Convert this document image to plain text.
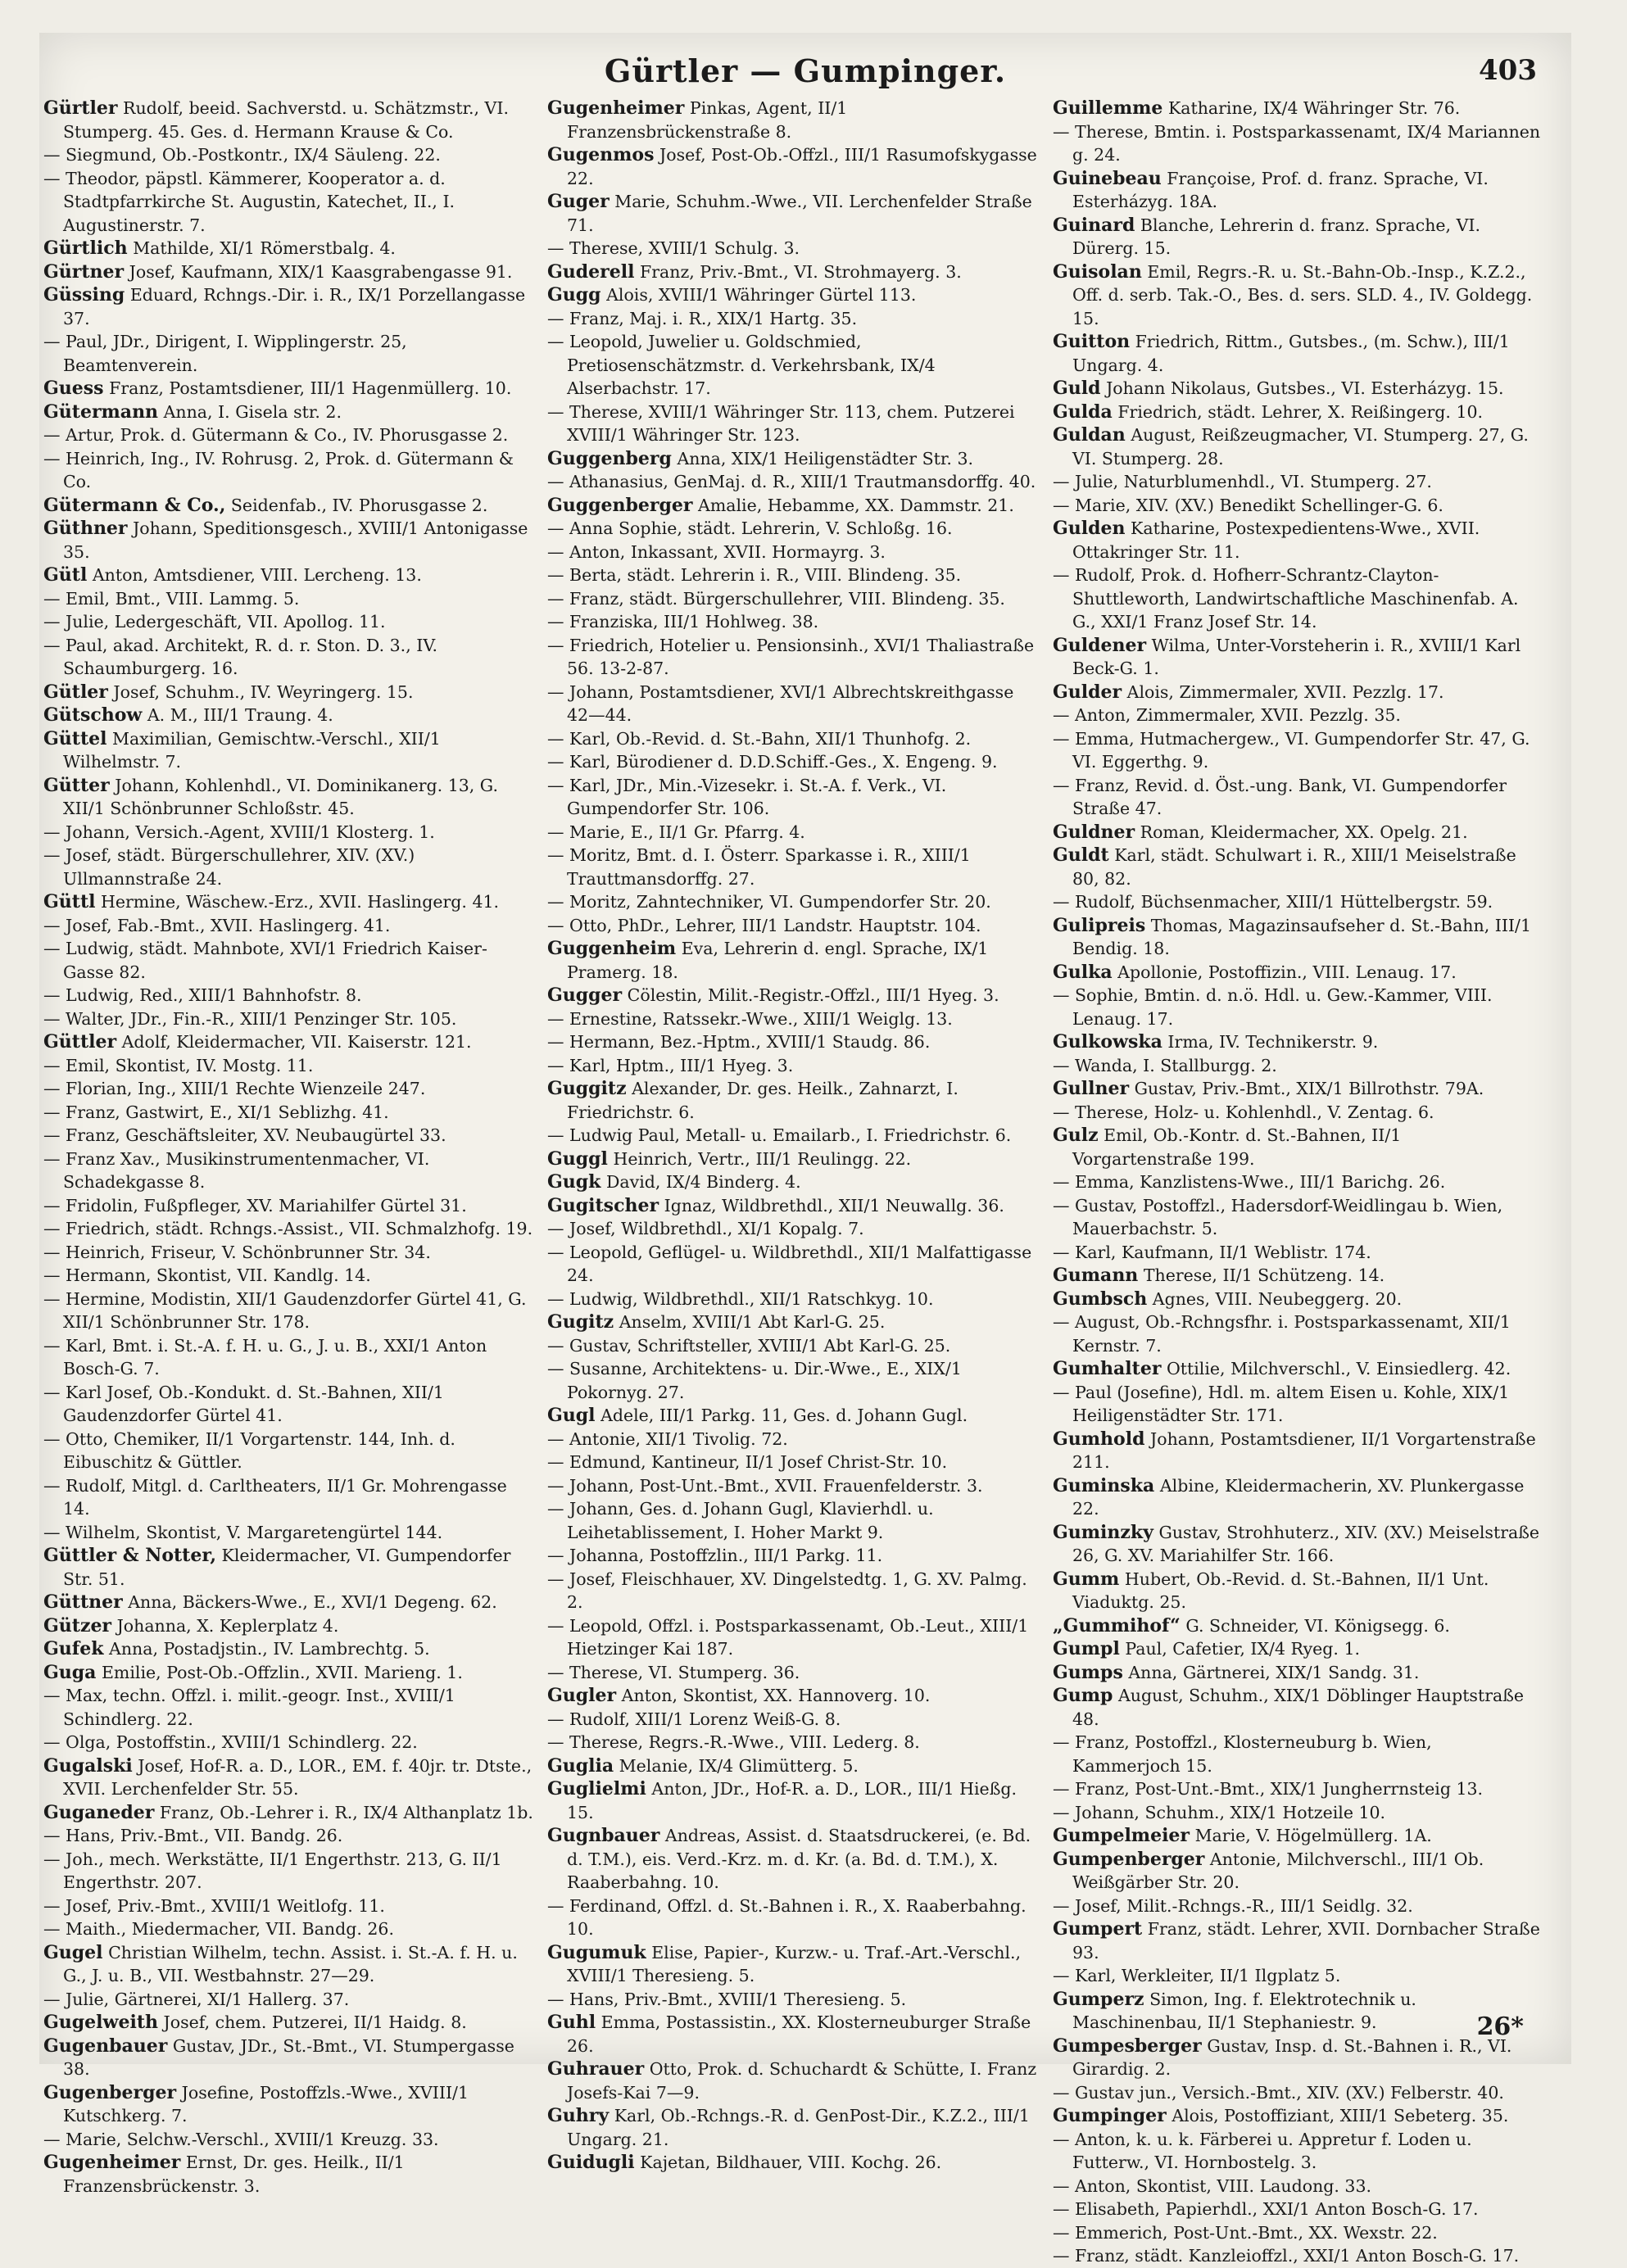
Gürtler — Gumpinger.	403

Gürtler Rudolf, beeid. Sachverstd. u. Schätzmstr., VI. Stumperg. 45. Ges. d. Hermann Krause & Co.

— Siegmund, Ob.-Postkontr., IX/4 Säuleng. 22.

— Theodor, päpstl. Kämmerer, Kooperator a. d. Stadtpfarrkirche St. Augustin, Katechet, II., I. Augustinerstr. 7.

Gürtlich Mathilde, XI/1 Römerstbalg. 4.

Gürtner Josef, Kaufmann, XIX/1 Kaasgrabengasse 91.

Güssing Eduard, Rchngs.-Dir. i. R., IX/1 Porzellangasse 37.

— Paul, JDr., Dirigent, I. Wipplingerstr. 25, Beamtenverein.

Guess Franz, Postamtsdiener, III/1 Hagenmüllerg. 10.

Gütermann Anna, I. Gisela str. 2.

— Artur, Prok. d. Gütermann & Co., IV. Phorusgasse 2.

— Heinrich, Ing., IV. Rohrusg. 2, Prok. d. Gütermann & Co.

Gütermann & Co., Seidenfab., IV. Phorusgasse 2.

Güthner Johann, Speditionsgesch., XVIII/1 Antonigasse 35.

Gütl Anton, Amtsdiener, VIII. Lercheng. 13.

— Emil, Bmt., VIII. Lammg. 5.

— Julie, Ledergeschäft, VII. Apollog. 11.

— Paul, akad. Architekt, R. d. r. Ston. D. 3., IV. Schaumburgerg. 16.

Gütler Josef, Schuhm., IV. Weyringerg. 15.

Gütschow A. M., III/1 Traung. 4.

Güttel Maximilian, Gemischtw.-Verschl., XII/1 Wilhelmstr. 7.

Gütter Johann, Kohlenhdl., VI. Dominikanerg. 13, G. XII/1 Schönbrunner Schloßstr. 45.

— Johann, Versich.-Agent, XVIII/1 Klosterg. 1.

— Josef, städt. Bürgerschullehrer, XIV. (XV.) Ullmannstraße 24.

Güttl Hermine, Wäschew.-Erz., XVII. Haslingerg. 41.

— Josef, Fab.-Bmt., XVII. Haslingerg. 41.

— Ludwig, städt. Mahnbote, XVI/1 Friedrich Kaiser-Gasse 82.

— Ludwig, Red., XIII/1 Bahnhofstr. 8.

— Walter, JDr., Fin.-R., XIII/1 Penzinger Str. 105.

Güttler Adolf, Kleidermacher, VII. Kaiserstr. 121.

— Emil, Skontist, IV. Mostg. 11.

— Florian, Ing., XIII/1 Rechte Wienzeile 247.

— Franz, Gastwirt, E., XI/1 Seblizhg. 41.

— Franz, Geschäftsleiter, XV. Neubaugürtel 33.

— Franz Xav., Musikinstrumentenmacher, VI. Schadekgasse 8.

— Fridolin, Fußpfleger, XV. Mariahilfer Gürtel 31.

— Friedrich, städt. Rchngs.-Assist., VII. Schmalzhofg. 19.

— Heinrich, Friseur, V. Schönbrunner Str. 34.

— Hermann, Skontist, VII. Kandlg. 14.

— Hermine, Modistin, XII/1 Gaudenzdorfer Gürtel 41, G. XII/1 Schönbrunner Str. 178.

— Karl, Bmt. i. St.-A. f. H. u. G., J. u. B., XXI/1 Anton Bosch-G. 7.

— Karl Josef, Ob.-Kondukt. d. St.-Bahnen, XII/1 Gaudenzdorfer Gürtel 41.

— Otto, Chemiker, II/1 Vorgartenstr. 144, Inh. d. Eibuschitz & Güttler.

— Rudolf, Mitgl. d. Carltheaters, II/1 Gr. Mohrengasse 14.

— Wilhelm, Skontist, V. Margaretengürtel 144.

Güttler & Notter, Kleidermacher, VI. Gumpendorfer Str. 51.

Güttner Anna, Bäckers-Wwe., E., XVI/1 Degeng. 62.

Gützer Johanna, X. Keplerplatz 4.

Gufek Anna, Postadjstin., IV. Lambrechtg. 5.

Guga Emilie, Post-Ob.-Offzlin., XVII. Marieng. 1.

— Max, techn. Offzl. i. milit.-geogr. Inst., XVIII/1 Schindlerg. 22.

— Olga, Postoffstin., XVIII/1 Schindlerg. 22.

Gugalski Josef, Hof-R. a. D., LOR., EM. f. 40jr. tr. Dtste., XVII. Lerchenfelder Str. 55.

Guganeder Franz, Ob.-Lehrer i. R., IX/4 Althanplatz 1b.

— Hans, Priv.-Bmt., VII. Bandg. 26.

— Joh., mech. Werkstätte, II/1 Engerthstr. 213, G. II/1 Engerthstr. 207.

— Josef, Priv.-Bmt., XVIII/1 Weitlofg. 11.

— Maith., Miedermacher, VII. Bandg. 26.

Gugel Christian Wilhelm, techn. Assist. i. St.-A. f. H. u. G., J. u. B., VII. Westbahnstr. 27—29.

— Julie, Gärtnerei, XI/1 Hallerg. 37.

Gugelweith Josef, chem. Putzerei, II/1 Haidg. 8.

Gugenbauer Gustav, JDr., St.-Bmt., VI. Stumpergasse 38.

Gugenberger Josefine, Postoffzls.-Wwe., XVIII/1 Kutschkerg. 7.

— Marie, Selchw.-Verschl., XVIII/1 Kreuzg. 33.

Gugenheimer Ernst, Dr. ges. Heilk., II/1 Franzensbrückenstr. 3.

Gugenheimer Pinkas, Agent, II/1 Franzensbrückenstraße 8.

Gugenmos Josef, Post-Ob.-Offzl., III/1 Rasumofskygasse 22.

Guger Marie, Schuhm.-Wwe., VII. Lerchenfelder Straße 71.

— Therese, XVIII/1 Schulg. 3.

Guderell Franz, Priv.-Bmt., VI. Strohmayerg. 3.

Gugg Alois, XVIII/1 Währinger Gürtel 113.

— Franz, Maj. i. R., XIX/1 Hartg. 35.

— Leopold, Juwelier u. Goldschmied, Pretiosenschätzmstr. d. Verkehrsbank, IX/4 Alserbachstr. 17.

— Therese, XVIII/1 Währinger Str. 113, chem. Putzerei XVIII/1 Währinger Str. 123.

Guggenberg Anna, XIX/1 Heiligenstädter Str. 3.

— Athanasius, GenMaj. d. R., XIII/1 Trautmansdorffg. 40.

Guggenberger Amalie, Hebamme, XX. Dammstr. 21.

— Anna Sophie, städt. Lehrerin, V. Schloßg. 16.

— Anton, Inkassant, XVII. Hormayrg. 3.

— Berta, städt. Lehrerin i. R., VIII. Blindeng. 35.

— Franz, städt. Bürgerschullehrer, VIII. Blindeng. 35.

— Franziska, III/1 Hohlweg. 38.

— Friedrich, Hotelier u. Pensionsinh., XVI/1 Thaliastraße 56. 13-2-87.

— Johann, Postamtsdiener, XVI/1 Albrechtskreithgasse 42—44.

— Karl, Ob.-Revid. d. St.-Bahn, XII/1 Thunhofg. 2.

— Karl, Bürodiener d. D.D.Schiff.-Ges., X. Engeng. 9.

— Karl, JDr., Min.-Vizesekr. i. St.-A. f. Verk., VI. Gumpendorfer Str. 106.

— Marie, E., II/1 Gr. Pfarrg. 4.

— Moritz, Bmt. d. I. Österr. Sparkasse i. R., XIII/1 Trauttmansdorffg. 27.

— Moritz, Zahntechniker, VI. Gumpendorfer Str. 20.

— Otto, PhDr., Lehrer, III/1 Landstr. Hauptstr. 104.

Guggenheim Eva, Lehrerin d. engl. Sprache, IX/1 Pramerg. 18.

Gugger Cölestin, Milit.-Registr.-Offzl., III/1 Hyeg. 3.

— Ernestine, Ratssekr.-Wwe., XIII/1 Weiglg. 13.

— Hermann, Bez.-Hptm., XVIII/1 Staudg. 86.

— Karl, Hptm., III/1 Hyeg. 3.

Guggitz Alexander, Dr. ges. Heilk., Zahnarzt, I. Friedrichstr. 6.

— Ludwig Paul, Metall- u. Emailarb., I. Friedrichstr. 6.

Guggl Heinrich, Vertr., III/1 Reulingg. 22.

Gugk David, IX/4 Binderg. 4.

Gugitscher Ignaz, Wildbrethdl., XII/1 Neuwallg. 36.

— Josef, Wildbrethdl., XI/1 Kopalg. 7.

— Leopold, Geflügel- u. Wildbrethdl., XII/1 Malfattigasse 24.

— Ludwig, Wildbrethdl., XII/1 Ratschkyg. 10.

Gugitz Anselm, XVIII/1 Abt Karl-G. 25.

— Gustav, Schriftsteller, XVIII/1 Abt Karl-G. 25.

— Susanne, Architektens- u. Dir.-Wwe., E., XIX/1 Pokornyg. 27.

Gugl Adele, III/1 Parkg. 11, Ges. d. Johann Gugl.

— Antonie, XII/1 Tivolig. 72.

— Edmund, Kantineur, II/1 Josef Christ-Str. 10.

— Johann, Post-Unt.-Bmt., XVII. Frauenfelderstr. 3.

— Johann, Ges. d. Johann Gugl, Klavierhdl. u. Leihetablissement, I. Hoher Markt 9.

— Johanna, Postoffzlin., III/1 Parkg. 11.

— Josef, Fleischhauer, XV. Dingelstedtg. 1, G. XV. Palmg. 2.

— Leopold, Offzl. i. Postsparkassenamt, Ob.-Leut., XIII/1 Hietzinger Kai 187.

— Therese, VI. Stumperg. 36.

Gugler Anton, Skontist, XX. Hannoverg. 10.

— Rudolf, XIII/1 Lorenz Weiß-G. 8.

— Therese, Regrs.-R.-Wwe., VIII. Lederg. 8.

Guglia Melanie, IX/4 Glimütterg. 5.

Guglielmi Anton, JDr., Hof-R. a. D., LOR., III/1 Hießg. 15.

Gugnbauer Andreas, Assist. d. Staatsdruckerei, (e. Bd. d. T.M.), eis. Verd.-Krz. m. d. Kr. (a. Bd. d. T.M.), X. Raaberbahng. 10.

— Ferdinand, Offzl. d. St.-Bahnen i. R., X. Raaberbahng. 10.

Gugumuk Elise, Papier-, Kurzw.- u. Traf.-Art.-Verschl., XVIII/1 Theresieng. 5.

— Hans, Priv.-Bmt., XVIII/1 Theresieng. 5.

Guhl Emma, Postassistin., XX. Klosterneuburger Straße 26.

Guhrauer Otto, Prok. d. Schuchardt & Schütte, I. Franz Josefs-Kai 7—9.

Guhry Karl, Ob.-Rchngs.-R. d. GenPost-Dir., K.Z.2., III/1 Ungarg. 21.

Guidugli Kajetan, Bildhauer, VIII. Kochg. 26.

Guillemme Katharine, IX/4 Währinger Str. 76.

— Therese, Bmtin. i. Postsparkassenamt, IX/4 Mariannen g. 24.

Guinebeau Françoise, Prof. d. franz. Sprache, VI. Esterházyg. 18A.

Guinard Blanche, Lehrerin d. franz. Sprache, VI. Dürerg. 15.

Guisolan Emil, Regrs.-R. u. St.-Bahn-Ob.-Insp., K.Z.2., Off. d. serb. Tak.-O., Bes. d. sers. SLD. 4., IV. Goldegg. 15.

Guitton Friedrich, Rittm., Gutsbes., (m. Schw.), III/1 Ungarg. 4.

Guld Johann Nikolaus, Gutsbes., VI. Esterházyg. 15.

Gulda Friedrich, städt. Lehrer, X. Reißingerg. 10.

Guldan August, Reißzeugmacher, VI. Stumperg. 27, G. VI. Stumperg. 28.

— Julie, Naturblumenhdl., VI. Stumperg. 27.

— Marie, XIV. (XV.) Benedikt Schellinger-G. 6.

Gulden Katharine, Postexpedientens-Wwe., XVII. Ottakringer Str. 11.

— Rudolf, Prok. d. Hofherr-Schrantz-Clayton-Shuttleworth, Landwirtschaftliche Maschinenfab. A. G., XXI/1 Franz Josef Str. 14.

Guldener Wilma, Unter-Vorsteherin i. R., XVIII/1 Karl Beck-G. 1.

Gulder Alois, Zimmermaler, XVII. Pezzlg. 17.

— Anton, Zimmermaler, XVII. Pezzlg. 35.

— Emma, Hutmachergew., VI. Gumpendorfer Str. 47, G. VI. Eggerthg. 9.

— Franz, Revid. d. Öst.-ung. Bank, VI. Gumpendorfer Straße 47.

Guldner Roman, Kleidermacher, XX. Opelg. 21.

Guldt Karl, städt. Schulwart i. R., XIII/1 Meiselstraße 80, 82.

— Rudolf, Büchsenmacher, XIII/1 Hüttelbergstr. 59.

Gulipreis Thomas, Magazinsaufseher d. St.-Bahn, III/1 Bendig. 18.

Gulka Apollonie, Postoffizin., VIII. Lenaug. 17.

— Sophie, Bmtin. d. n.ö. Hdl. u. Gew.-Kammer, VIII. Lenaug. 17.

Gulkowska Irma, IV. Technikerstr. 9.

— Wanda, I. Stallburgg. 2.

Gullner Gustav, Priv.-Bmt., XIX/1 Billrothstr. 79A.

— Therese, Holz- u. Kohlenhdl., V. Zentag. 6.

Gulz Emil, Ob.-Kontr. d. St.-Bahnen, II/1 Vorgartenstraße 199.

— Emma, Kanzlistens-Wwe., III/1 Barichg. 26.

— Gustav, Postoffzl., Hadersdorf-Weidlingau b. Wien, Mauerbachstr. 5.

— Karl, Kaufmann, II/1 Weblistr. 174.

Gumann Therese, II/1 Schützeng. 14.

Gumbsch Agnes, VIII. Neubeggerg. 20.

— August, Ob.-Rchngsfhr. i. Postsparkassenamt, XII/1 Kernstr. 7.

Gumhalter Ottilie, Milchverschl., V. Einsiedlerg. 42.

— Paul (Josefine), Hdl. m. altem Eisen u. Kohle, XIX/1 Heiligenstädter Str. 171.

Gumhold Johann, Postamtsdiener, II/1 Vorgartenstraße 211.

Guminska Albine, Kleidermacherin, XV. Plunkergasse 22.

Guminzky Gustav, Strohhuterz., XIV. (XV.) Meiselstraße 26, G. XV. Mariahilfer Str. 166.

Gumm Hubert, Ob.-Revid. d. St.-Bahnen, II/1 Unt. Viaduktg. 25.

„Gummihof“ G. Schneider, VI. Königsegg. 6.

Gumpl Paul, Cafetier, IX/4 Ryeg. 1.

Gumps Anna, Gärtnerei, XIX/1 Sandg. 31.

Gump August, Schuhm., XIX/1 Döblinger Hauptstraße 48.

— Franz, Postoffzl., Klosterneuburg b. Wien, Kammerjoch 15.

— Franz, Post-Unt.-Bmt., XIX/1 Jungherrnsteig 13.

— Johann, Schuhm., XIX/1 Hotzeile 10.

Gumpelmeier Marie, V. Högelmüllerg. 1A.

Gumpenberger Antonie, Milchverschl., III/1 Ob. Weißgärber Str. 20.

— Josef, Milit.-Rchngs.-R., III/1 Seidlg. 32.

Gumpert Franz, städt. Lehrer, XVII. Dornbacher Straße 93.

— Karl, Werkleiter, II/1 Ilgplatz 5.

Gumperz Simon, Ing. f. Elektrotechnik u. Maschinenbau, II/1 Stephaniestr. 9.

Gumpesberger Gustav, Insp. d. St.-Bahnen i. R., VI. Girardig. 2.

— Gustav jun., Versich.-Bmt., XIV. (XV.) Felberstr. 40.

Gumpinger Alois, Postoffiziant, XIII/1 Sebeterg. 35.

— Anton, k. u. k. Färberei u. Appretur f. Loden u. Futterw., VI. Hornbostelg. 3.

— Anton, Skontist, VIII. Laudong. 33.

— Elisabeth, Papierhdl., XXI/1 Anton Bosch-G. 17.

— Emmerich, Post-Unt.-Bmt., XX. Wexstr. 22.

— Franz, städt. Kanzleioffzl., XXI/1 Anton Bosch-G. 17.

26*
